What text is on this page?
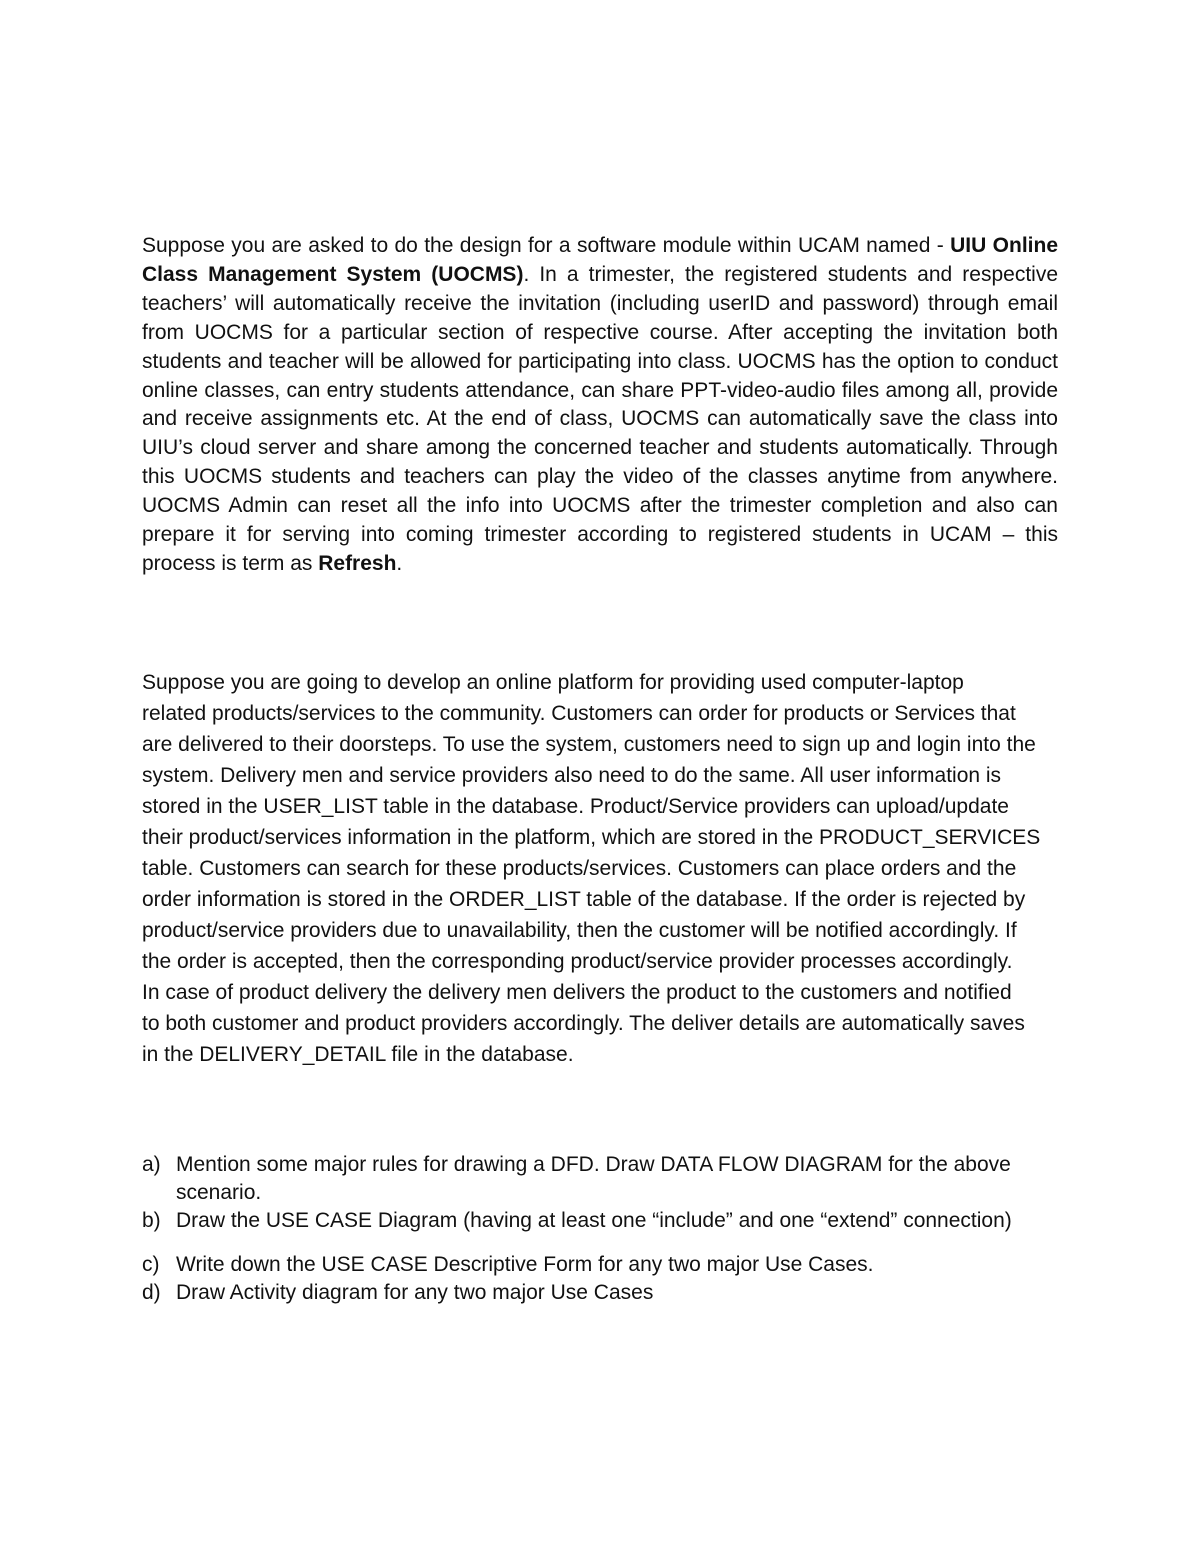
Suppose you are asked to do the design for a software module within UCAM named - UIU Online Class Management System (UOCMS). In a trimester, the registered students and respective teachers’ will automatically receive the invitation (including userID and password) through email from UOCMS for a particular section of respective course. After accepting the invitation both students and teacher will be allowed for participating into class. UOCMS has the option to conduct online classes, can entry students attendance, can share PPT-video-audio files among all, provide and receive assignments etc. At the end of class, UOCMS can automatically save the class into UIU’s cloud server and share among the concerned teacher and students automatically. Through this UOCMS students and teachers can play the video of the classes anytime from anywhere. UOCMS Admin can reset all the info into UOCMS after the trimester completion and also can prepare it for serving into coming trimester according to registered students in UCAM – this process is term as Refresh.

Suppose you are going to develop an online platform for providing used computer-laptop
related products/services to the community. Customers can order for products or Services that
are delivered to their doorsteps. To use the system, customers need to sign up and login into the
system. Delivery men and service providers also need to do the same. All user information is
stored in the USER_LIST table in the database. Product/Service providers can upload/update
their product/services information in the platform, which are stored in the PRODUCT_SERVICES
table. Customers can search for these products/services. Customers can place orders and the
order information is stored in the ORDER_LIST table of the database. If the order is rejected by
product/service providers due to unavailability, then the customer will be notified accordingly. If
the order is accepted, then the corresponding product/service provider processes accordingly.
In case of product delivery the delivery men delivers the product to the customers and notified
to both customer and product providers accordingly. The deliver details are automatically saves
in the DELIVERY_DETAIL file in the database.
a) Mention some major rules for drawing a DFD. Draw DATA FLOW DIAGRAM for the above scenario.
b) Draw the USE CASE Diagram (having at least one “include” and one “extend” connection)
c) Write down the USE CASE Descriptive Form for any two major Use Cases.
d) Draw Activity diagram for any two major Use Cases
